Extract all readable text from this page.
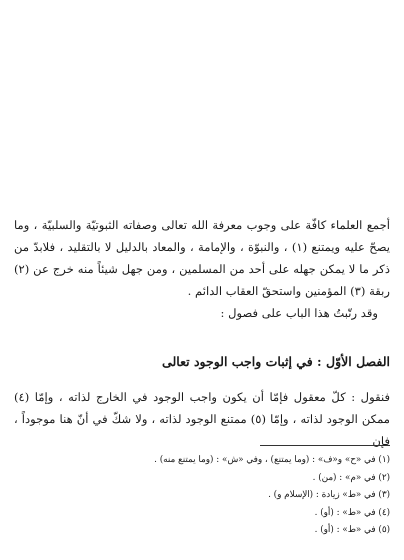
أجمع العلماء كافّة على وجوب معرفة الله تعالى وصفاته الثبوتيّة والسلبيّة ، وما يصحّ عليه ويمتنع (١) ، والنبوّة ، والإمامة ، والمعاد بالدليل لا بالتقليد ، فلابدّ من ذكر ما لا يمكن جهله على أحد من المسلمين ، ومن جهل شيئاً منه خرج عن (٢) ربقة (٣) المؤمنين واستحقّ العقاب الدائم .

وقد رتّبتُ هذا الباب على فصول :

الفصل الأوّل : في إثبات واجب الوجود تعالى

فنقول : كلّ معقول فإمّا أن يكون واجب الوجود في الخارج لذاته ، وإمّا (٤) ممكن الوجود لذاته ، وإمّا (٥) ممتنع الوجود لذاته ، ولا شكّ في أنّ هنا موجوداً ، فإن

(١) في «ح» و«ف» : (وما يمتنع) ، وفي «ش» : (وما يمتنع منه) .
(٢) في «م» : (من) .
(٣) في «ط» زيادة : (الإسلام و) .
(٤) في «ط» : (أو) .
(٥) في «ط» : (أو) .
